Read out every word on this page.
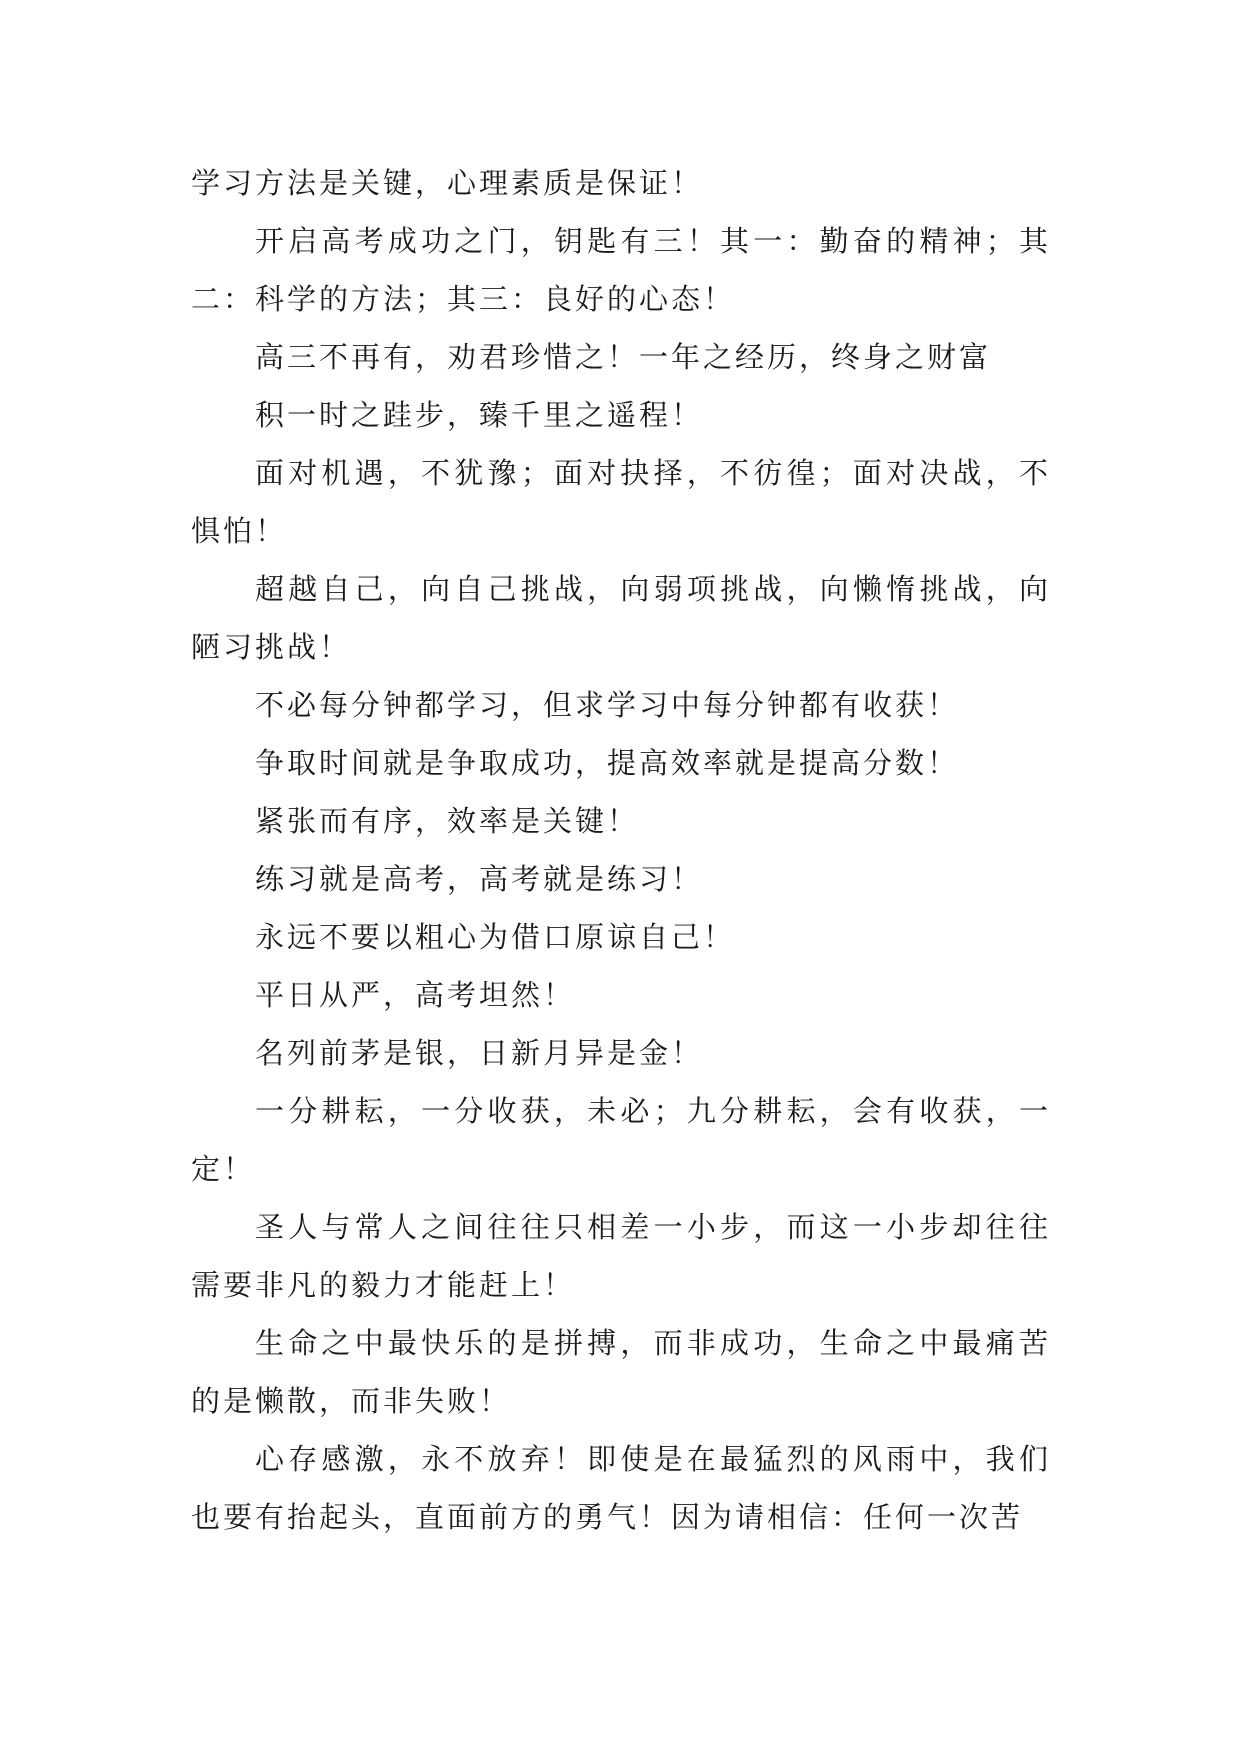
学习方法是关键，心理素质是保证！

开启高考成功之门，钥匙有三！其一：勤奋的精神；其二：科学的方法；其三：良好的心态！

高三不再有，劝君珍惜之！一年之经历，终身之财富

积一时之跬步，臻千里之遥程！

面对机遇，不犹豫；面对抉择，不彷徨；面对决战，不惧怕！

超越自己，向自己挑战，向弱项挑战，向懒惰挑战，向陋习挑战！

不必每分钟都学习，但求学习中每分钟都有收获！

争取时间就是争取成功，提高效率就是提高分数！

紧张而有序，效率是关键！

练习就是高考，高考就是练习！

永远不要以粗心为借口原谅自己！

平日从严，高考坦然！

名列前茅是银，日新月异是金！

一分耕耘，一分收获，未必；九分耕耘，会有收获，一定！

圣人与常人之间往往只相差一小步，而这一小步却往往需要非凡的毅力才能赶上！

生命之中最快乐的是拼搏，而非成功，生命之中最痛苦的是懒散，而非失败！

心存感激，永不放弃！即使是在最猛烈的风雨中，我们也要有抬起头，直面前方的勇气！因为请相信：任何一次苦
